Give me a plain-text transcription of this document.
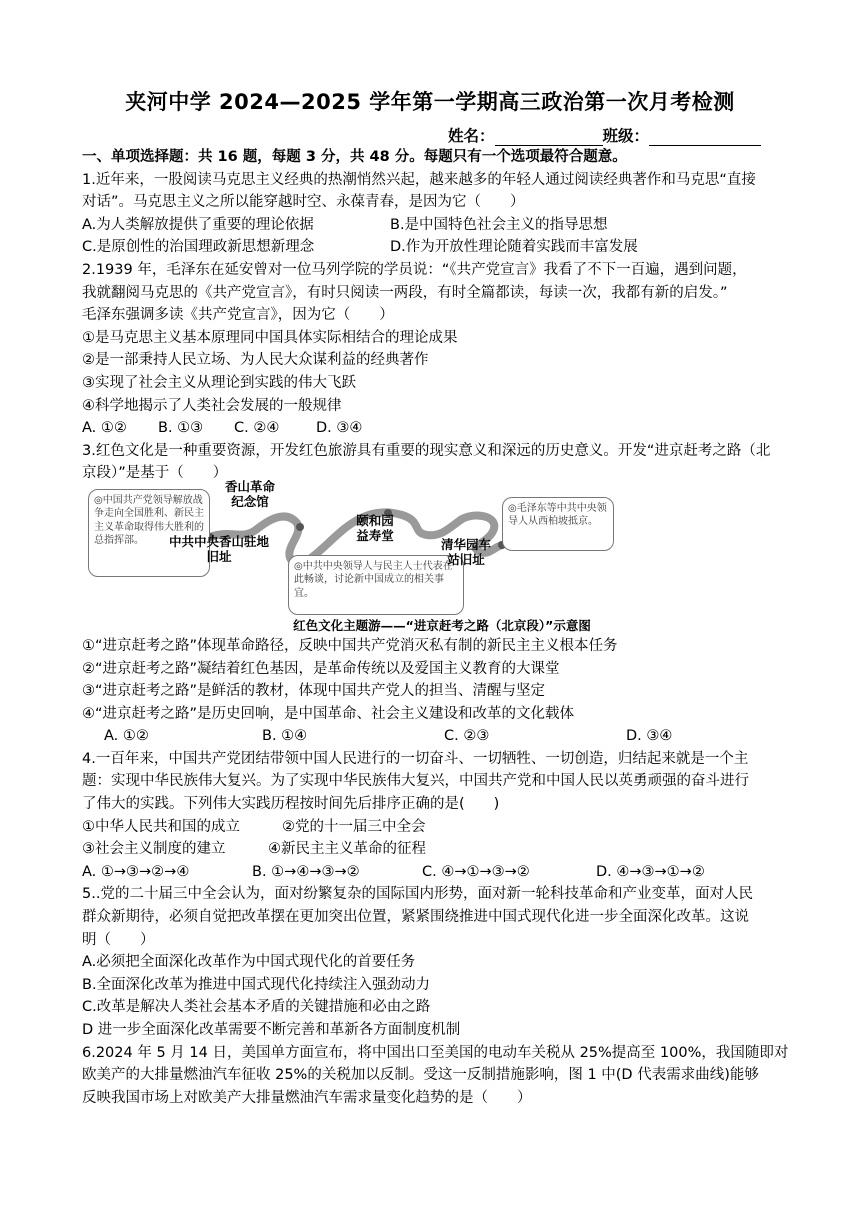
夹河中学 2024—2025 学年第一学期高三政治第一次月考检测
姓名：	班级：
一、单项选择题：共 16 题，每题 3 分，共 48 分。每题只有一个选项最符合题意。
1.近年来，一股阅读马克思主义经典的热潮悄然兴起，越来越多的年轻人通过阅读经典著作和马克思“直接
对话”。马克思主义之所以能穿越时空、永葆青春，是因为它（　　）
A.为人类解放提供了重要的理论依据	B.是中国特色社会主义的指导思想
C.是原创性的治国理政新思想新理念	D.作为开放性理论随着实践而丰富发展
2.1939 年，毛泽东在延安曾对一位马列学院的学员说：“《共产党宣言》我看了不下一百遍，遇到问题，
我就翻阅马克思的《共产党宣言》，有时只阅读一两段，有时全篇都读，每读一次，我都有新的启发。”
毛泽东强调多读《共产党宣言》，因为它（　　）
①是马克思主义基本原理同中国具体实际相结合的理论成果
②是一部秉持人民立场、为人民大众谋利益的经典著作
③实现了社会主义从理论到实践的伟大飞跃
④科学地揭示了人类社会发展的一般规律
A. ①②	B. ①③	C. ②④	D. ③④
3.红色文化是一种重要资源，开发红色旅游具有重要的现实意义和深远的历史意义。开发“进京赶考之路（北
京段）”是基于（　　）
◎中国共产党领导解放战争走向全国胜利、新民主主义革命取得伟大胜利的总指挥部。	中共中央香山驻地旧址
香山革命纪念馆
颐和园益寿堂
◎中共中央领导人与民主人士代表在此畅谈，讨论新中国成立的相关事宜。
清华园车站旧址
◎毛泽东等中共中央领导人从西柏坡抵京。
红色文化主题游——“进京赶考之路（北京段）”示意图
①“进京赶考之路”体现革命路径，反映中国共产党消灭私有制的新民主主义根本任务
②“进京赶考之路”凝结着红色基因，是革命传统以及爱国主义教育的大课堂
③“进京赶考之路”是鲜活的教材，体现中国共产党人的担当、清醒与坚定
④“进京赶考之路”是历史回响，是中国革命、社会主义建设和改革的文化载体
A. ①②	B. ①④	C. ②③	D. ③④
4.一百年来，中国共产党团结带领中国人民进行的一切奋斗、一切牺牲、一切创造，归结起来就是一个主
题：实现中华民族伟大复兴。为了实现中华民族伟大复兴，中国共产党和中国人民以英勇顽强的奋斗进行
了伟大的实践。下列伟大实践历程按时间先后排序正确的是(　　)
①中华人民共和国的成立	②党的十一届三中全会
③社会主义制度的建立	④新民主主义革命的征程
A. ①→③→②→④	B. ①→④→③→②	C. ④→①→③→②	D. ④→③→①→②
5..党的二十届三中全会认为，面对纷繁复杂的国际国内形势，面对新一轮科技革命和产业变革，面对人民
群众新期待，必须自觉把改革摆在更加突出位置，紧紧围绕推进中国式现代化进一步全面深化改革。这说
明（　　）
A.必须把全面深化改革作为中国式现代化的首要任务
B.全面深化改革为推进中国式现代化持续注入强劲动力
C.改革是解决人类社会基本矛盾的关键措施和必由之路
D 进一步全面深化改革需要不断完善和革新各方面制度机制
6.2024 年 5 月 14 日，美国单方面宣布，将中国出口至美国的电动车关税从 25%提高至 100%，我国随即对
欧美产的大排量燃油汽车征收 25%的关税加以反制。受这一反制措施影响，图 1 中(D 代表需求曲线)能够
反映我国市场上对欧美产大排量燃油汽车需求量变化趋势的是（　　）
